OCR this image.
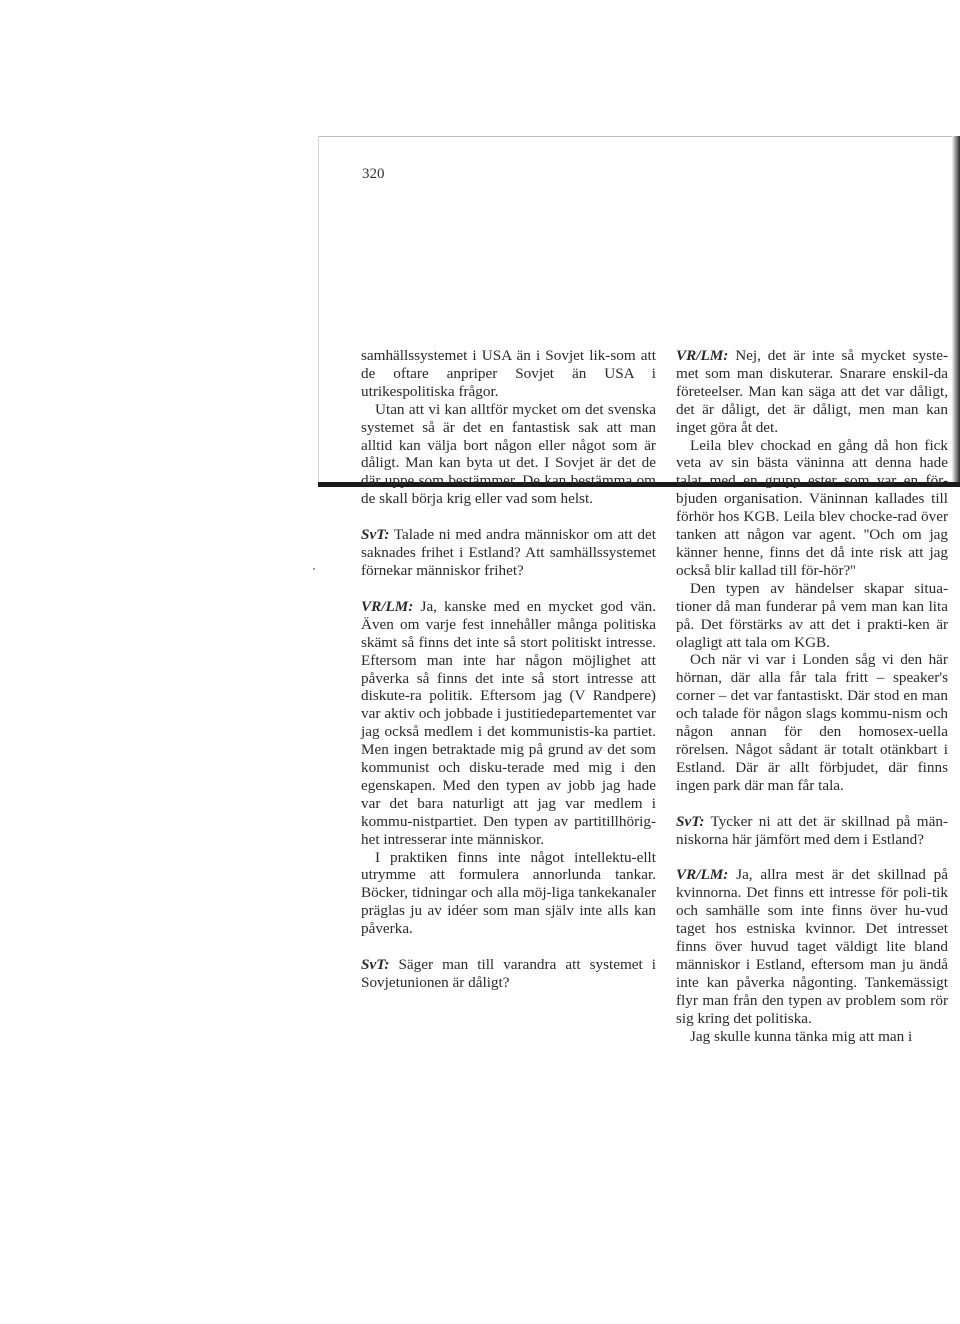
320

samhällssystemet i USA än i Sovjet lik-som att de oftare anpriper Sovjet än USA i utrikespolitiska frågor.

Utan att vi kan alltför mycket om det svenska systemet så är det en fantastisk sak att man alltid kan välja bort någon eller något som är dåligt. Man kan byta ut det. I Sovjet är det de där uppe som bestämmer. De kan bestämma om de skall börja krig eller vad som helst.

SvT: Talade ni med andra människor om att det saknades frihet i Estland? Att samhällssystemet förnekar människor frihet?

VR/LM: Ja, kanske med en mycket god vän. Även om varje fest innehåller många politiska skämt så finns det inte så stort politiskt intresse. Eftersom man inte har någon möjlighet att påverka så finns det inte så stort intresse att diskute-ra politik. Eftersom jag (V Randpere) var aktiv och jobbade i justitiedepartementet var jag också medlem i det kommunistis-ka partiet. Men ingen betraktade mig på grund av det som kommunist och disku-terade med mig i den egenskapen. Med den typen av jobb jag hade var det bara naturligt att jag var medlem i kommu-nistpartiet. Den typen av partitillhörig-het intresserar inte människor.

I praktiken finns inte något intellektu-ellt utrymme att formulera annorlunda tankar. Böcker, tidningar och alla möj-liga tankekanaler präglas ju av idéer som man själv inte alls kan påverka.

SvT: Säger man till varandra att systemet i Sovjetunionen är dåligt?

VR/LM: Nej, det är inte så mycket syste-met som man diskuterar. Snarare enskil-da företeelser. Man kan säga att det var dåligt, det är dåligt, det är dåligt, men man kan inget göra åt det.

Leila blev chockad en gång då hon fick veta av sin bästa väninna att denna hade talat med en grupp ester som var en för-bjuden organisation. Väninnan kallades till förhör hos KGB. Leila blev chocke-rad över tanken att någon var agent. ''Och om jag känner henne, finns det då inte risk att jag också blir kallad till för-hör?''

Den typen av händelser skapar situa-tioner då man funderar på vem man kan lita på. Det förstärks av att det i prakti-ken är olagligt att tala om KGB.

Och när vi var i Londen såg vi den här hörnan, där alla får tala fritt – speaker's corner – det var fantastiskt. Där stod en man och talade för någon slags kommu-nism och någon annan för den homosex-uella rörelsen. Något sådant är totalt otänkbart i Estland. Där är allt förbjudet, där finns ingen park där man får tala.

SvT: Tycker ni att det är skillnad på män-niskorna här jämfört med dem i Estland?

VR/LM: Ja, allra mest är det skillnad på kvinnorna. Det finns ett intresse för poli-tik och samhälle som inte finns över hu-vud taget hos estniska kvinnor. Det intresset finns över huvud taget väldigt lite bland människor i Estland, eftersom man ju ändå inte kan påverka någonting. Tankemässigt flyr man från den typen av problem som rör sig kring det politiska.

Jag skulle kunna tänka mig att man i
